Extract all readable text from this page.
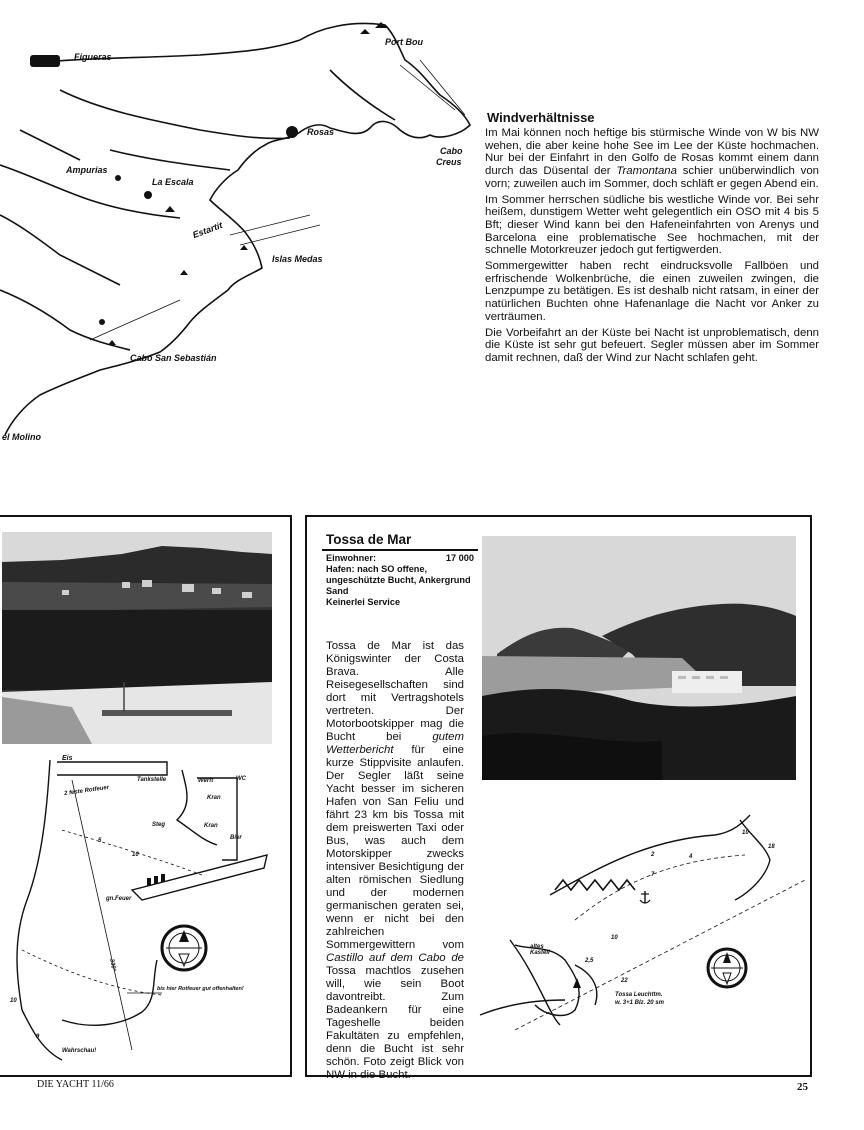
Figueras
Port Bou
Rosas
Cabo
Creus
Ampurias
La Escala
Estartit
Islas Medas
Cabo San Sebastián
el Molino
Windverhältnisse

Im Mai können noch heftige bis stürmische Winde von W bis NW wehen, die aber keine hohe See im Lee der Küste hochmachen. Nur bei der Einfahrt in den Golfo de Rosas kommt einem dann durch das Düsental der Tramontana schier unüberwindlich von vorn; zuweilen auch im Sommer, doch schläft er gegen Abend ein.

Im Sommer herrschen südliche bis westliche Winde vor. Bei sehr heißem, dunstigem Wetter weht gelegentlich ein OSO mit 4 bis 5 Bft; dieser Wind kann bei den Hafeneinfahrten von Arenys und Barcelona eine problematische See hochmachen, mit der schnelle Motorkreuzer jedoch gut fertigwerden.

Sommergewitter haben recht eindrucksvolle Fallböen und erfrischende Wolkenbrüche, die einen zuweilen zwingen, die Lenzpumpe zu betätigen. Es ist deshalb nicht ratsam, in einer der natürlichen Buchten ohne Hafenanlage die Nacht vor Anker zu verträumen.

Die Vorbeifahrt an der Küste bei Nacht ist unproblematisch, denn die Küste ist sehr gut befeuert. Segler müssen aber im Sommer damit rechnen, daß der Wind zur Nacht schlafen geht.

Eis
Tankstelle	Werft	WC
Kran
Kran
Bier
Steg
2 feste Rotfeuer
gn.Feuer
10
5
330°
bis hier Rotfeuer gut offenhalten!
Wahrschau!
9
10
Tossa de Mar
Einwohner:	17 000
Hafen: nach SO offene, ungeschützte Bucht, Ankergrund Sand
Keinerlei Service
Tossa de Mar ist das Königswinter der Costa Brava. Alle Reisegesellschaften sind dort mit Vertragshotels vertreten. Der Motorbootskipper mag die Bucht bei gutem Wetterbericht für eine kurze Stippvisite anlaufen. Der Segler läßt seine Yacht besser im sicheren Hafen von San Feliu und fährt 23 km bis Tossa mit dem preiswerten Taxi oder Bus, was auch dem Motorskipper zwecks intensiver Besichtigung der alten römischen Siedlung und der modernen germanischen geraten sei, wenn er nicht bei den zahlreichen Sommergewittern vom Castillo auf dem Cabo de Tossa machtlos zusehen will, wie sein Boot davontreibt. Zum Badeankern für eine Tageshelle beiden Fakultäten zu empfehlen, denn die Bucht ist sehr schön. Foto zeigt Blick von NW in die Bucht.
altes Kastell
Tossa Leuchttm.
w. 3+1 Blz. 20 sm
2,5
10
22
2
7
4
18
10
DIE YACHT 11/66	25
